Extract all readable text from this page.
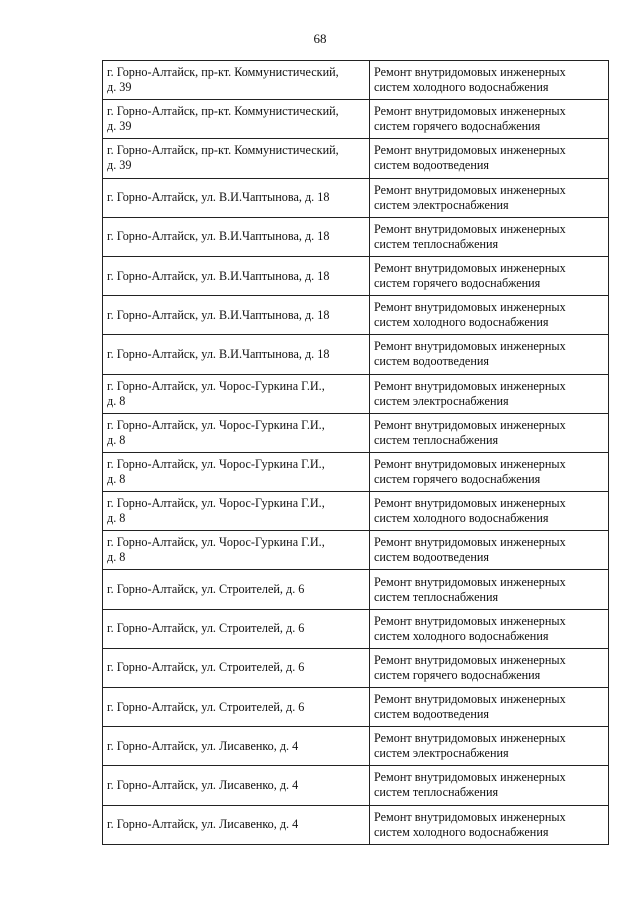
68
г. Горно-Алтайск, пр-кт. Коммунистический,
д. 39	Ремонт внутридомовых инженерных
систем холодного водоснабжения

г. Горно-Алтайск, пр-кт. Коммунистический,
д. 39	Ремонт внутридомовых инженерных
систем горячего водоснабжения

г. Горно-Алтайск, пр-кт. Коммунистический,
д. 39	Ремонт внутридомовых инженерных
систем водоотведения

г. Горно-Алтайск, ул. В.И.Чаптынова, д. 18	Ремонт внутридомовых инженерных
систем электроснабжения

г. Горно-Алтайск, ул. В.И.Чаптынова, д. 18	Ремонт внутридомовых инженерных
систем теплоснабжения

г. Горно-Алтайск, ул. В.И.Чаптынова, д. 18	Ремонт внутридомовых инженерных
систем горячего водоснабжения

г. Горно-Алтайск, ул. В.И.Чаптынова, д. 18	Ремонт внутридомовых инженерных
систем холодного водоснабжения

г. Горно-Алтайск, ул. В.И.Чаптынова, д. 18	Ремонт внутридомовых инженерных
систем водоотведения

г. Горно-Алтайск, ул. Чорос-Гуркина Г.И.,
д. 8	Ремонт внутридомовых инженерных
систем электроснабжения

г. Горно-Алтайск, ул. Чорос-Гуркина Г.И.,
д. 8	Ремонт внутридомовых инженерных
систем теплоснабжения

г. Горно-Алтайск, ул. Чорос-Гуркина Г.И.,
д. 8	Ремонт внутридомовых инженерных
систем горячего водоснабжения

г. Горно-Алтайск, ул. Чорос-Гуркина Г.И.,
д. 8	Ремонт внутридомовых инженерных
систем холодного водоснабжения

г. Горно-Алтайск, ул. Чорос-Гуркина Г.И.,
д. 8	Ремонт внутридомовых инженерных
систем водоотведения

г. Горно-Алтайск, ул. Строителей, д. 6	Ремонт внутридомовых инженерных
систем теплоснабжения

г. Горно-Алтайск, ул. Строителей, д. 6	Ремонт внутридомовых инженерных
систем холодного водоснабжения

г. Горно-Алтайск, ул. Строителей, д. 6	Ремонт внутридомовых инженерных
систем горячего водоснабжения

г. Горно-Алтайск, ул. Строителей, д. 6	Ремонт внутридомовых инженерных
систем водоотведения

г. Горно-Алтайск, ул. Лисавенко, д. 4	Ремонт внутридомовых инженерных
систем электроснабжения

г. Горно-Алтайск, ул. Лисавенко, д. 4	Ремонт внутридомовых инженерных
систем теплоснабжения

г. Горно-Алтайск, ул. Лисавенко, д. 4	Ремонт внутридомовых инженерных
систем холодного водоснабжения
